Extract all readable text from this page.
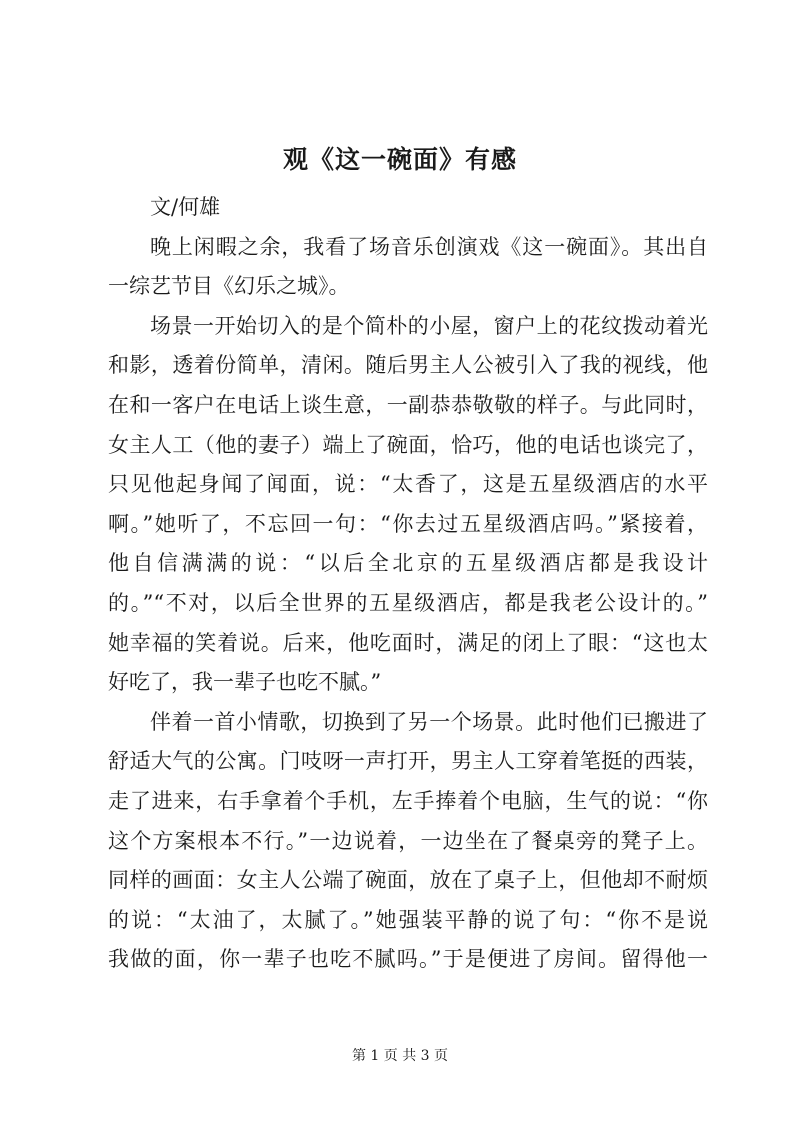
观《这一碗面》有感
文/何雄
晚上闲暇之余，我看了场音乐创演戏《这一碗面》。其出自
一综艺节目《幻乐之城》。
场景一开始切入的是个简朴的小屋，窗户上的花纹拨动着光
和影，透着份简单，清闲。随后男主人公被引入了我的视线，他
在和一客户在电话上谈生意，一副恭恭敬敬的样子。与此同时，
女主人工（他的妻子）端上了碗面，恰巧，他的电话也谈完了，
只见他起身闻了闻面，说：“太香了，这是五星级酒店的水平
啊。”她听了，不忘回一句：“你去过五星级酒店吗。”紧接着，
他自信满满的说：“以后全北京的五星级酒店都是我设计
的。”“不对，以后全世界的五星级酒店，都是我老公设计的。”
她幸福的笑着说。后来，他吃面时，满足的闭上了眼：“这也太
好吃了，我一辈子也吃不腻。”
伴着一首小情歌，切换到了另一个场景。此时他们已搬进了
舒适大气的公寓。门吱呀一声打开，男主人工穿着笔挺的西装，
走了进来，右手拿着个手机，左手捧着个电脑，生气的说：“你
这个方案根本不行。”一边说着，一边坐在了餐桌旁的凳子上。
同样的画面：女主人公端了碗面，放在了桌子上，但他却不耐烦
的说：“太油了，太腻了。”她强装平静的说了句：“你不是说
我做的面，你一辈子也吃不腻吗。”于是便进了房间。留得他一
第 1 页 共 3 页
